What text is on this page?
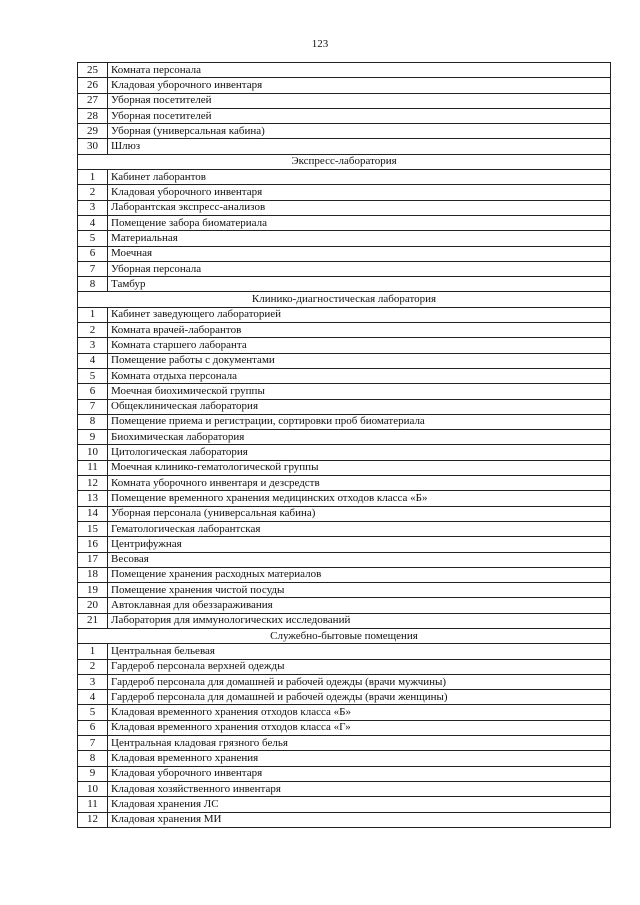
123
25	Комната персонала
26	Кладовая уборочного инвентаря
27	Уборная посетителей
28	Уборная посетителей
29	Уборная (универсальная кабина)
30	Шлюз
Экспресс-лаборатория	
1	Кабинет лаборантов
2	Кладовая уборочного инвентаря
3	Лаборантская экспресс-анализов
4	Помещение забора биоматериала
5	Материальная
6	Моечная
7	Уборная персонала
8	Тамбур
Клинико-диагностическая лаборатория	
1	Кабинет заведующего лабораторией
2	Комната врачей-лаборантов
3	Комната старшего лаборанта
4	Помещение работы с документами
5	Комната отдыха персонала
6	Моечная биохимической группы
7	Общеклиническая лаборатория
8	Помещение приема и регистрации, сортировки проб биоматериала
9	Биохимическая лаборатория
10	Цитологическая лаборатория
11	Моечная клинико-гематологической группы
12	Комната уборочного инвентаря и дезсредств
13	Помещение временного хранения медицинских отходов класса «Б»
14	Уборная персонала (универсальная кабина)
15	Гематологическая лаборантская
16	Центрифужная
17	Весовая
18	Помещение хранения расходных материалов
19	Помещение хранения чистой посуды
20	Автоклавная для обеззараживания
21	Лаборатория для иммунологических исследований
Служебно-бытовые помещения	
1	Центральная бельевая
2	Гардероб персонала верхней одежды
3	Гардероб персонала для домашней и рабочей одежды (врачи мужчины)
4	Гардероб персонала для домашней и рабочей одежды (врачи женщины)
5	Кладовая временного хранения отходов класса «Б»
6	Кладовая временного хранения отходов класса «Г»
7	Центральная кладовая грязного белья
8	Кладовая временного хранения
9	Кладовая уборочного инвентаря
10	Кладовая хозяйственного инвентаря
11	Кладовая хранения ЛС
12	Кладовая хранения МИ
